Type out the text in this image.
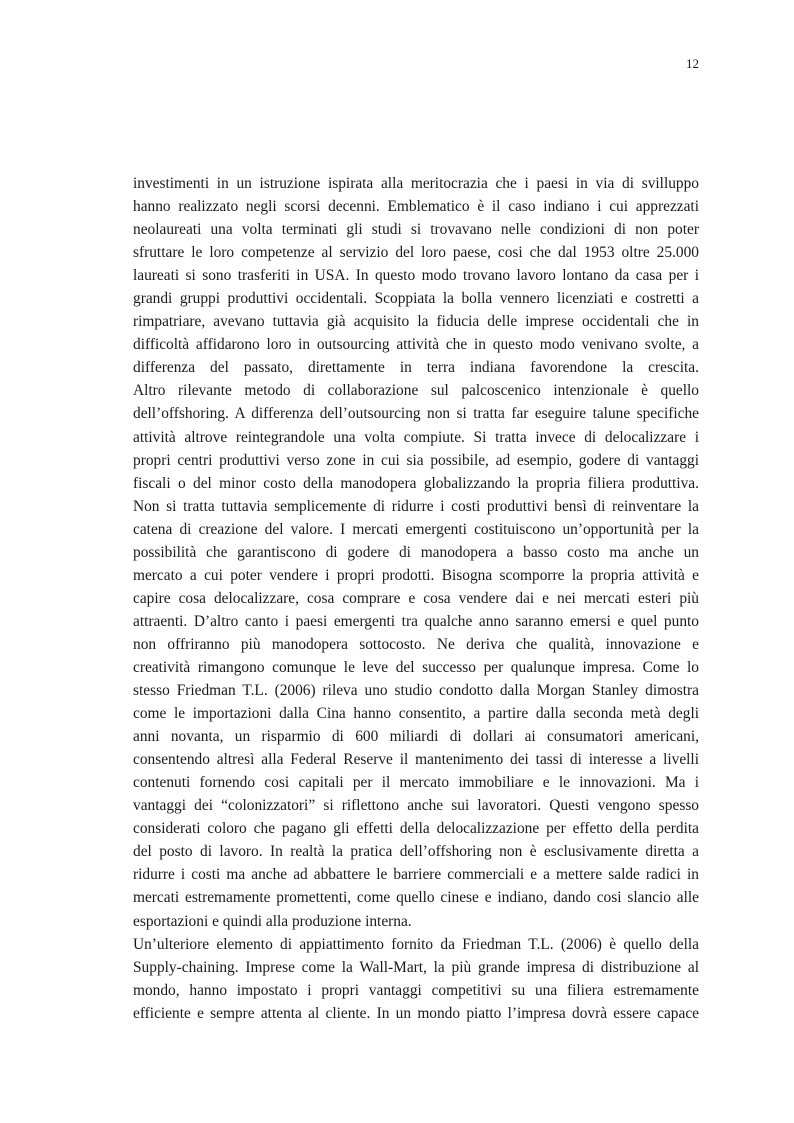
12
investimenti in un istruzione ispirata alla meritocrazia che i paesi in via di svilluppo
hanno realizzato negli scorsi decenni. Emblematico è il caso indiano i cui apprezzati
neolaureati una volta terminati gli studi si trovavano nelle condizioni di non poter
sfruttare le loro competenze al servizio del loro paese, cosi che dal 1953 oltre 25.000
laureati si sono trasferiti in USA. In questo modo trovano lavoro lontano da casa per i
grandi gruppi produttivi occidentali. Scoppiata la bolla vennero licenziati e costretti a
rimpatriare, avevano tuttavia già acquisito la fiducia delle imprese occidentali che in
difficoltà affidarono loro in outsourcing attività che in questo modo venivano svolte, a
differenza del passato, direttamente in terra indiana favorendone la crescita.
Altro rilevante metodo di collaborazione sul palcoscenico intenzionale è quello
dell’offshoring. A differenza dell’outsourcing non si tratta far eseguire talune specifiche
attività altrove reintegrandole una volta compiute. Si tratta invece di delocalizzare i
propri centri produttivi verso zone in cui sia possibile, ad esempio, godere di vantaggi
fiscali o del minor costo della manodopera globalizzando la propria filiera produttiva.
Non si tratta tuttavia semplicemente di ridurre i costi produttivi bensì di reinventare la
catena di creazione del valore. I mercati emergenti costituiscono un’opportunità per la
possibilità che garantiscono di godere di manodopera a basso costo ma anche un
mercato a cui poter vendere i propri prodotti. Bisogna scomporre la propria attività e
capire cosa delocalizzare, cosa comprare e cosa vendere dai e nei mercati esteri più
attraenti. D’altro canto i paesi emergenti tra qualche anno saranno emersi e quel punto
non offriranno più manodopera sottocosto. Ne deriva che qualità, innovazione e
creatività rimangono comunque le leve del successo per qualunque impresa. Come lo
stesso Friedman T.L. (2006) rileva uno studio condotto dalla Morgan Stanley dimostra
come le importazioni dalla Cina hanno consentito, a partire dalla seconda metà degli
anni novanta, un risparmio di 600 miliardi di dollari ai consumatori americani,
consentendo altresì alla Federal Reserve il mantenimento dei tassi di interesse a livelli
contenuti fornendo cosi capitali per il mercato immobiliare e le innovazioni. Ma i
vantaggi dei “colonizzatori” si riflettono anche sui lavoratori. Questi vengono spesso
considerati coloro che pagano gli effetti della delocalizzazione per effetto della perdita
del posto di lavoro. In realtà la pratica dell’offshoring non è esclusivamente diretta a
ridurre i costi ma anche ad abbattere le barriere commerciali e a mettere salde radici in
mercati estremamente promettenti, come quello cinese e indiano, dando cosi slancio alle
esportazioni e quindi alla produzione interna.
Un’ulteriore elemento di appiattimento fornito da Friedman T.L. (2006) è quello della
Supply-chaining. Imprese come la Wall-Mart, la più grande impresa di distribuzione al
mondo, hanno impostato i propri vantaggi competitivi su una filiera estremamente
efficiente e sempre attenta al cliente. In un mondo piatto l’impresa dovrà essere capace
